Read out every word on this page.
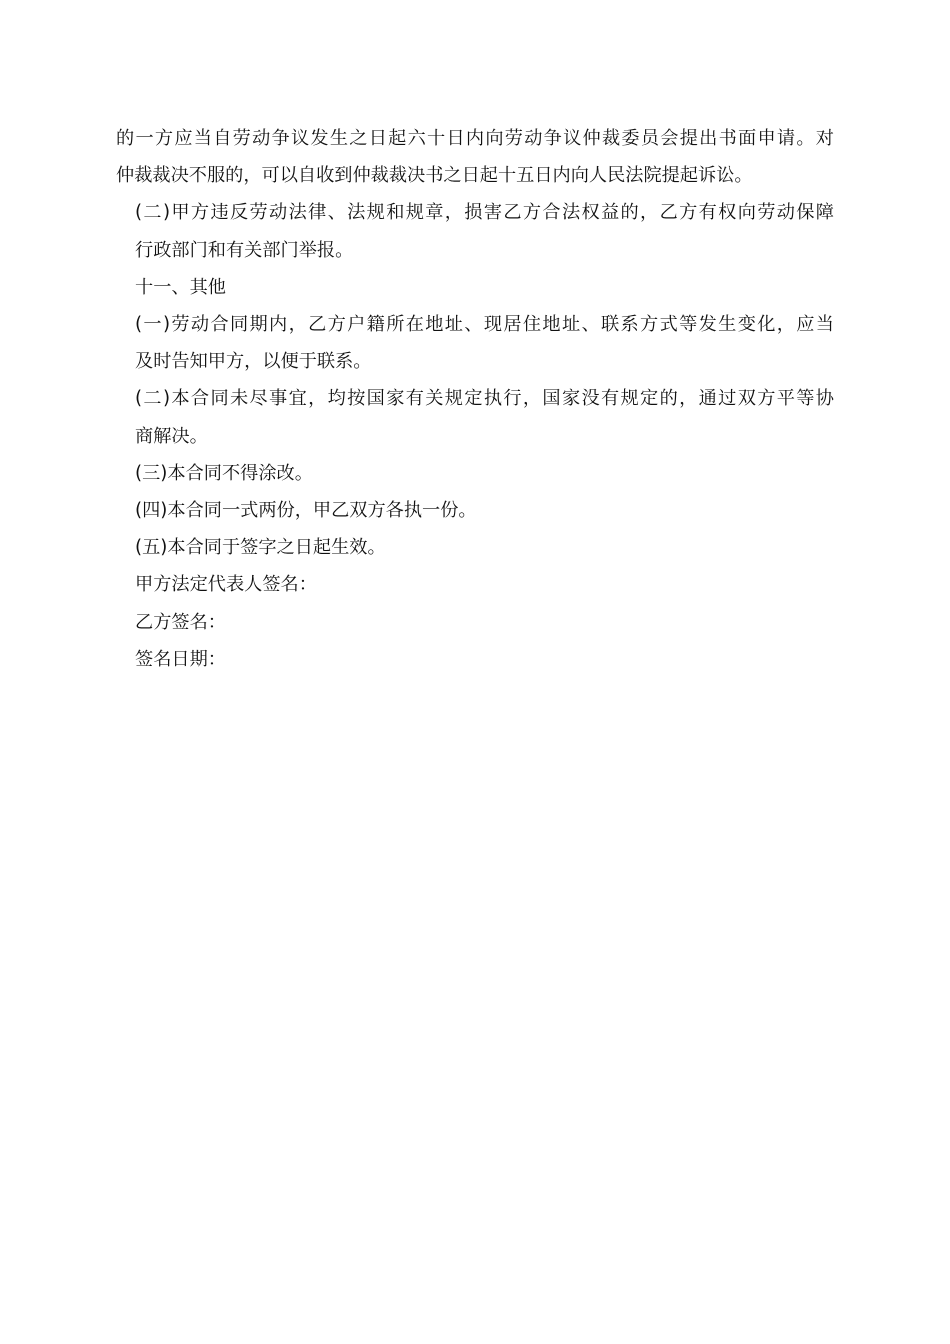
的一方应当自劳动争议发生之日起六十日内向劳动争议仲裁委员会提出书面申请。对
仲裁裁决不服的，可以自收到仲裁裁决书之日起十五日内向人民法院提起诉讼。
(二)甲方违反劳动法律、法规和规章，损害乙方合法权益的，乙方有权向劳动保障
行政部门和有关部门举报。
十一、其他
(一)劳动合同期内，乙方户籍所在地址、现居住地址、联系方式等发生变化，应当
及时告知甲方，以便于联系。
(二)本合同未尽事宜，均按国家有关规定执行，国家没有规定的，通过双方平等协
商解决。
(三)本合同不得涂改。
(四)本合同一式两份，甲乙双方各执一份。
(五)本合同于签字之日起生效。
甲方法定代表人签名：
乙方签名：
签名日期：
